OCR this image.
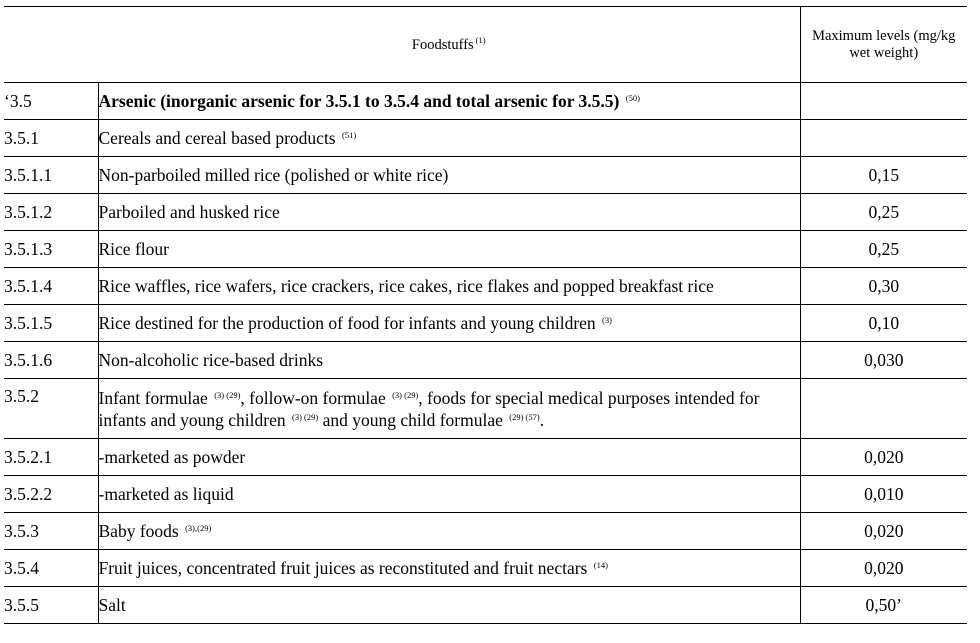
	Foodstuffs $^{(1)}$	Maximum levels (mg/kg wet weight)
‘3.5	Arsenic (inorganic arsenic for 3.5.1 to 3.5.4 and total arsenic for 3.5.5) $^{(50)}$	
3.5.1	Cereals and cereal based products $^{(51)}$	
3.5.1.1	Non-parboiled milled rice (polished or white rice)	0,15
3.5.1.2	Parboiled and husked rice	0,25
3.5.1.3	Rice flour	0,25
3.5.1.4	Rice waffles, rice wafers, rice crackers, rice cakes, rice flakes and popped breakfast rice	0,30
3.5.1.5	Rice destined for the production of food for infants and young children $^{(3)}$	0,10
3.5.1.6	Non-alcoholic rice-based drinks	0,030
3.5.2	Infant formulae $^{(3) (29)}$, follow-on formulae $^{(3) (29)}$, foods for special medical purposes intended for infants and young children $^{(3) (29)}$ and young child formulae $^{(29) (57)}$.	
3.5.2.1	-marketed as powder	0,020
3.5.2.2	-marketed as liquid	0,010
3.5.3	Baby foods $^{(3),(29)}$	0,020
3.5.4	Fruit juices, concentrated fruit juices as reconstituted and fruit nectars $^{(14)}$	0,020
3.5.5	Salt	0,50’
